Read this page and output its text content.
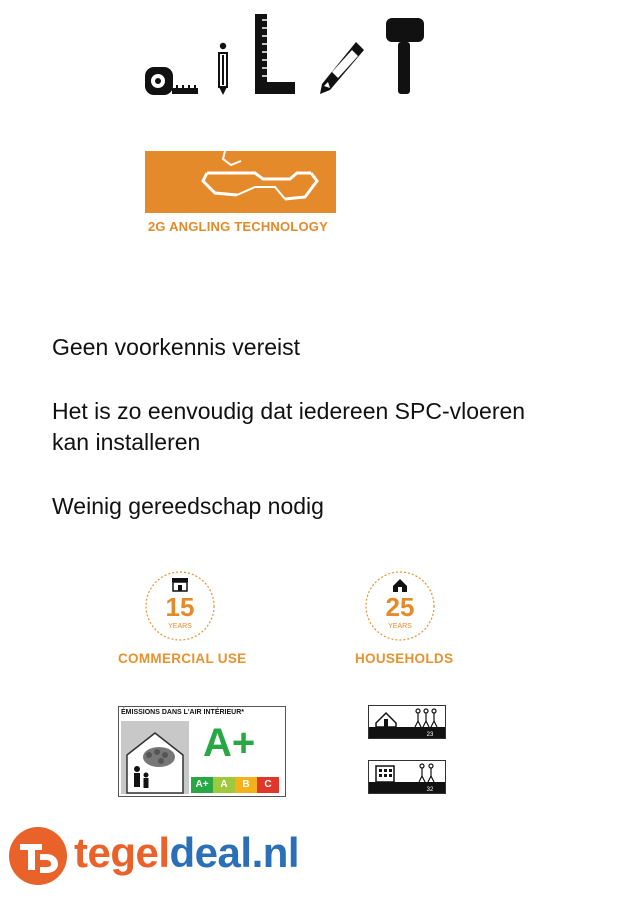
2G ANGLING TECHNOLOGY
Geen voorkennis vereist
Het is zo eenvoudig dat iedereen SPC-vloeren
kan installeren
Weinig gereedschap nodig
15
YEARS
COMMERCIAL USE
25
YEARS
HOUSEHOLDS
ÉMISSIONS DANS L'AIR INTÉRIEUR*
A+
A+	A	B	C
23
32
tegeldeal.nl
